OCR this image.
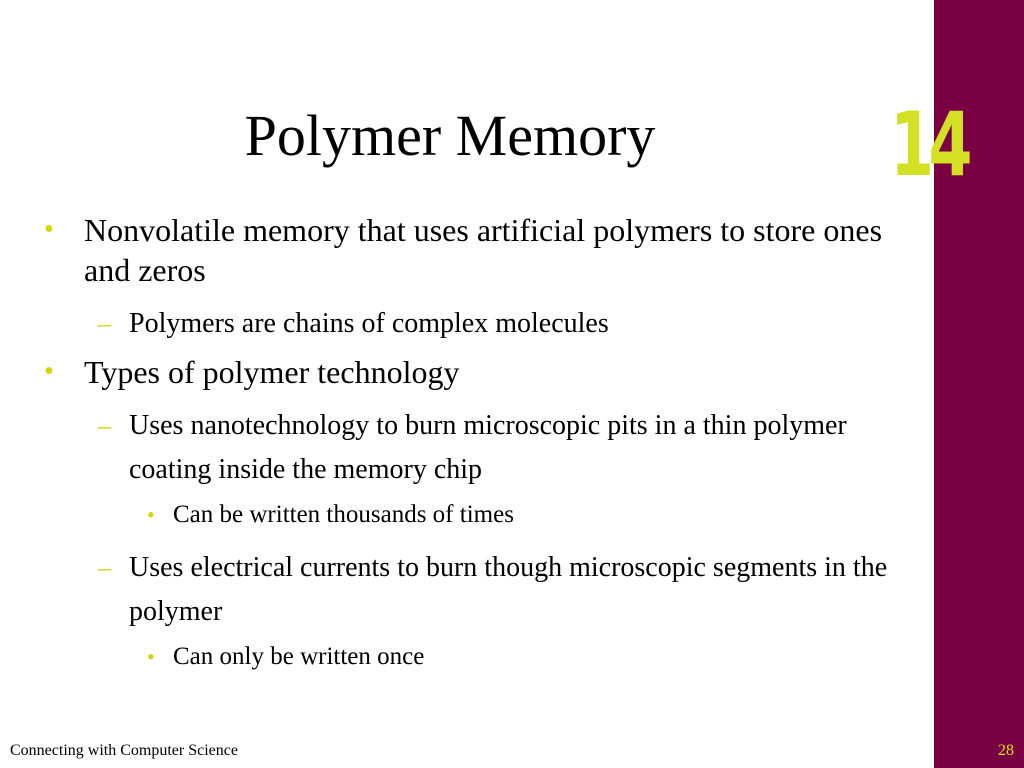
14
Polymer Memory
• Nonvolatile memory that uses artificial polymers to store ones and zeros
– Polymers are chains of complex molecules
• Types of polymer technology
– Uses nanotechnology to burn microscopic pits in a thin polymer coating inside the memory chip
• Can be written thousands of times
– Uses electrical currents to burn though microscopic segments in the polymer
• Can only be written once
Connecting with Computer Science	28
